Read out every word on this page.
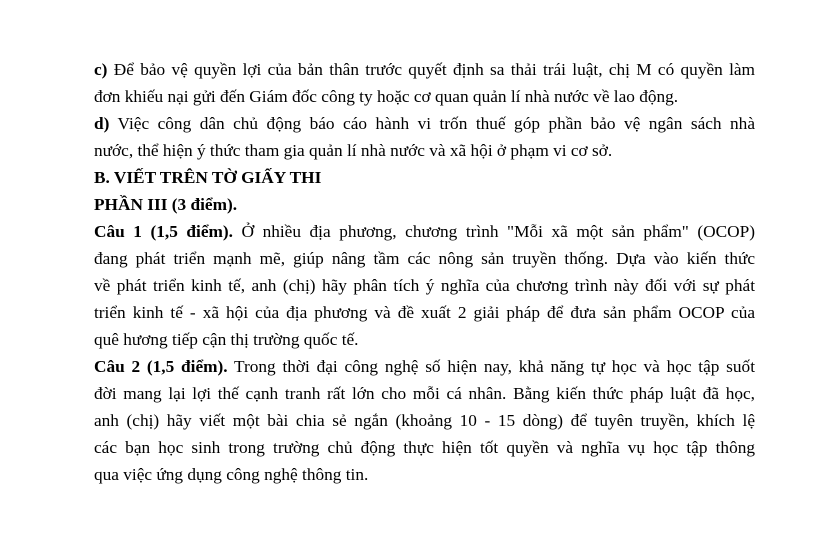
c) Để bảo vệ quyền lợi của bản thân trước quyết định sa thải trái luật, chị M có quyền làm
đơn khiếu nại gửi đến Giám đốc công ty hoặc cơ quan quản lí nhà nước về lao động.
d) Việc công dân chủ động báo cáo hành vi trốn thuế góp phần bảo vệ ngân sách nhà
nước, thể hiện ý thức tham gia quản lí nhà nước và xã hội ở phạm vi cơ sở.
B. VIẾT TRÊN TỜ GIẤY THI
PHẦN III (3 điểm).
Câu 1 (1,5 điểm). Ở nhiều địa phương, chương trình "Mỗi xã một sản phẩm" (OCOP)
đang phát triển mạnh mẽ, giúp nâng tầm các nông sản truyền thống. Dựa vào kiến thức
về phát triển kinh tế, anh (chị) hãy phân tích ý nghĩa của chương trình này đối với sự phát
triển kinh tế - xã hội của địa phương và đề xuất 2 giải pháp để đưa sản phẩm OCOP của
quê hương tiếp cận thị trường quốc tế.
Câu 2 (1,5 điểm). Trong thời đại công nghệ số hiện nay, khả năng tự học và học tập suốt
đời mang lại lợi thế cạnh tranh rất lớn cho mỗi cá nhân. Bằng kiến thức pháp luật đã học,
anh (chị) hãy viết một bài chia sẻ ngắn (khoảng 10 - 15 dòng) để tuyên truyền, khích lệ
các bạn học sinh trong trường chủ động thực hiện tốt quyền và nghĩa vụ học tập thông
qua việc ứng dụng công nghệ thông tin.
